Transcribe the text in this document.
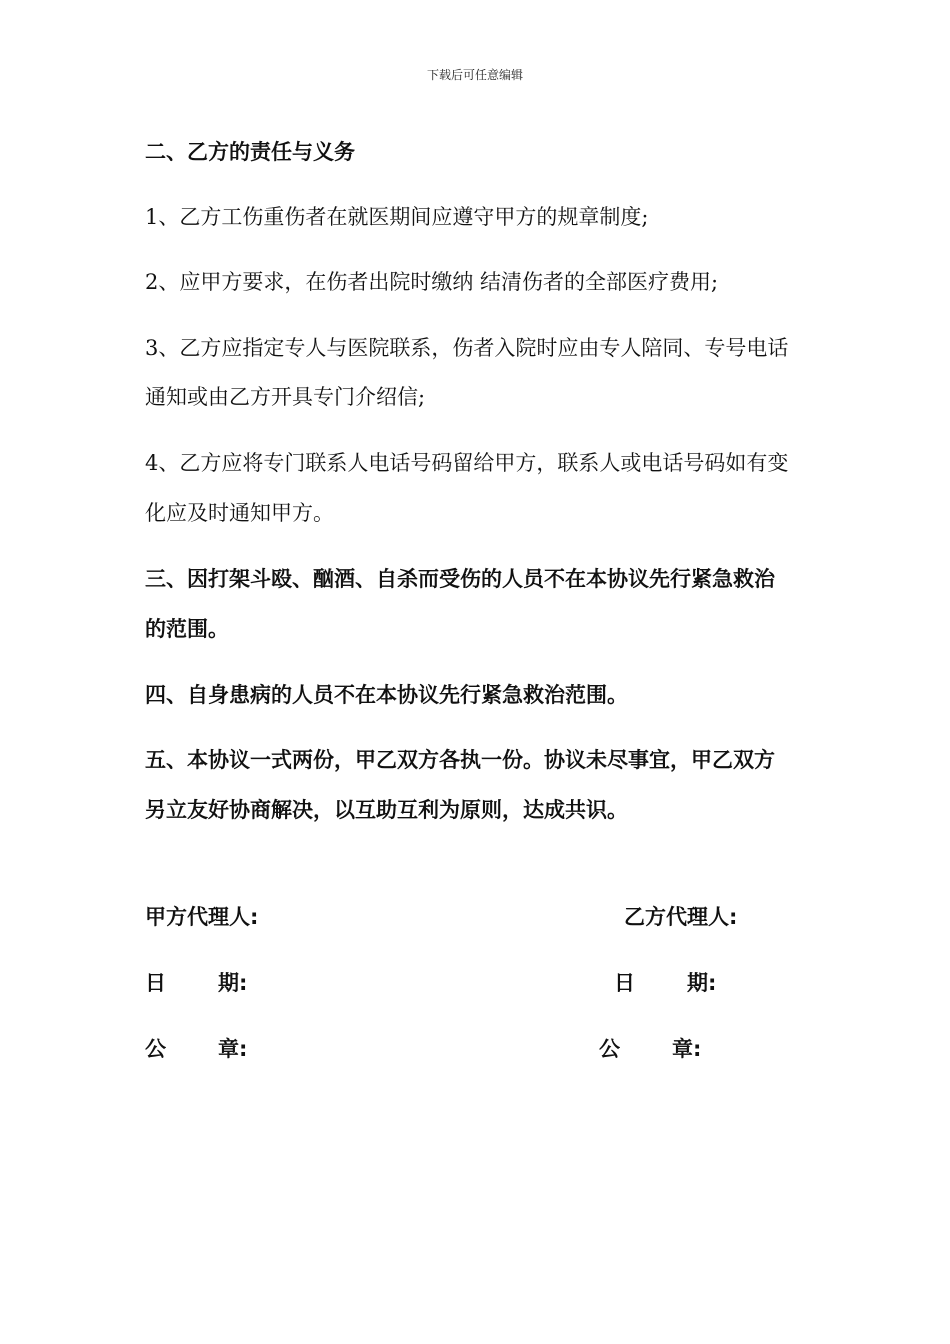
下载后可任意编辑
二、乙方的责任与义务
1、乙方工伤重伤者在就医期间应遵守甲方的规章制度;
2、应甲方要求，在伤者出院时缴纳 结清伤者的全部医疗费用;
3、乙方应指定专人与医院联系，伤者入院时应由专人陪同、专号电话
通知或由乙方开具专门介绍信;
4、乙方应将专门联系人电话号码留给甲方，联系人或电话号码如有变
化应及时通知甲方。
三、因打架斗殴、酗酒、自杀而受伤的人员不在本协议先行紧急救治
的范围。
四、自身患病的人员不在本协议先行紧急救治范围。
五、本协议一式两份，甲乙双方各执一份。协议未尽事宜，甲乙双方
另立友好协商解决，以互助互利为原则，达成共识。
甲方代理人:
日 期:
公 章:
乙方代理人:
日 期:
公 章:
